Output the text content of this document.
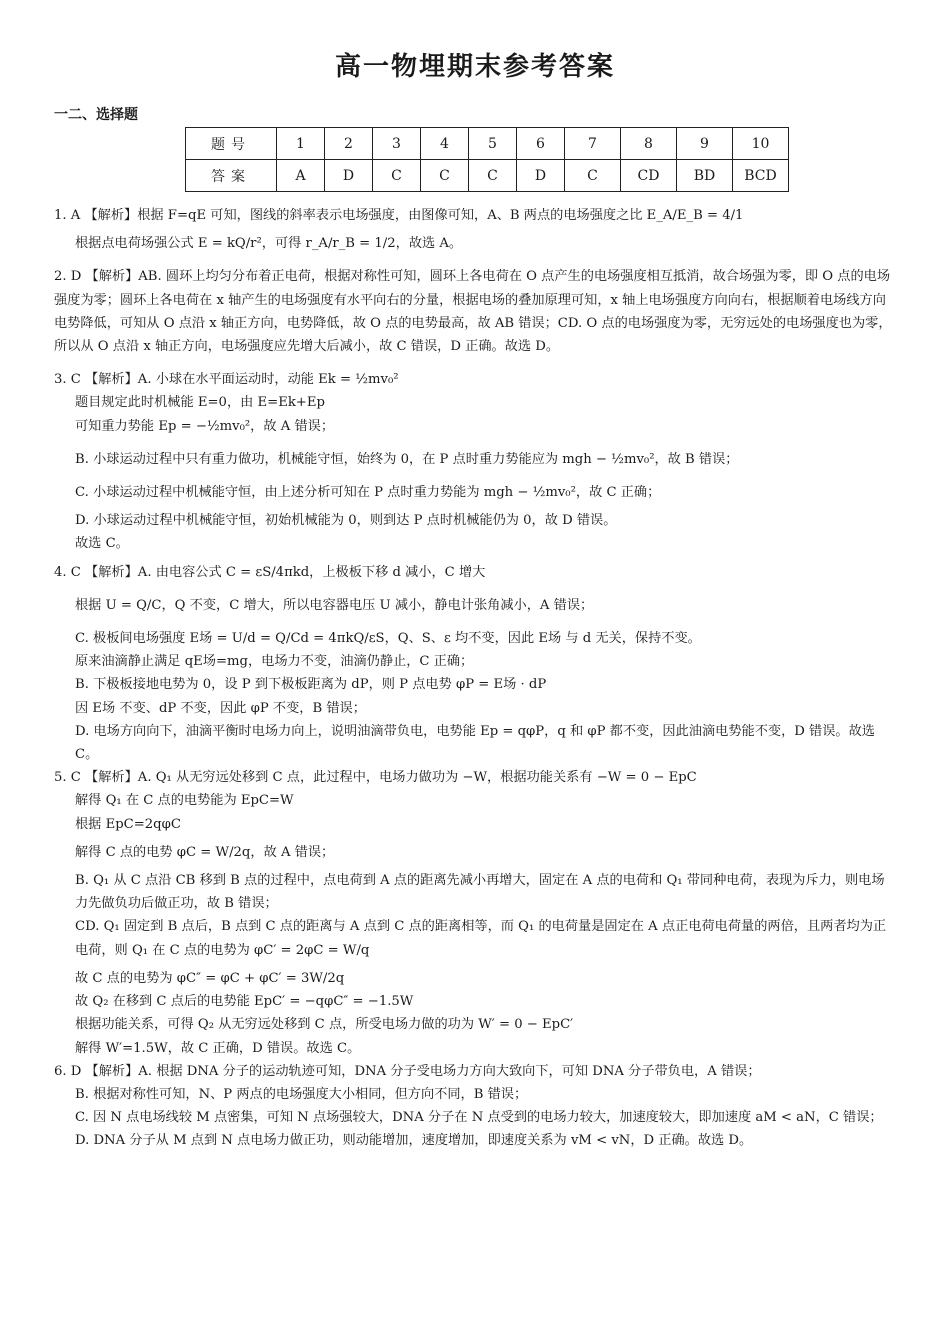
高一物埋期末参考答案
一二、选择题
题号	1	2	3	4	5	6	7	8	9	10
答案	A	D	C	C	C	D	C	CD	BD	BCD

1. A 【解析】根据 F=qE 可知，图线的斜率表示电场强度，由图像可知，A、B 两点的电场强度之比 E_A/E_B = 4/1

根据点电荷场强公式 E = kQ/r²，可得 r_A/r_B = 1/2，故选 A。

2. D 【解析】AB. 圆环上均匀分布着正电荷，根据对称性可知，圆环上各电荷在 O 点产生的电场强度相互抵消，故合场强为零，即 O 点的电场强度为零；圆环上各电荷在 x 轴产生的电场强度有水平向右的分量，根据电场的叠加原理可知，x 轴上电场强度方向向右，根据顺着电场线方向电势降低，可知从 O 点沿 x 轴正方向，电势降低，故 O 点的电势最高，故 AB 错误；CD. O 点的电场强度为零，无穷远处的电场强度也为零，所以从 O 点沿 x 轴正方向，电场强度应先增大后减小，故 C 错误，D 正确。故选 D。

3. C 【解析】A. 小球在水平面运动时，动能 Ek = ½mv₀²

题目规定此时机械能 E=0，由 E=Ek+Ep

可知重力势能 Ep = −½mv₀²，故 A 错误；

B. 小球运动过程中只有重力做功，机械能守恒，始终为 0，在 P 点时重力势能应为 mgh − ½mv₀²，故 B 错误；

C. 小球运动过程中机械能守恒，由上述分析可知在 P 点时重力势能为 mgh − ½mv₀²，故 C 正确；

D. 小球运动过程中机械能守恒，初始机械能为 0，则到达 P 点时机械能仍为 0，故 D 错误。

故选 C。

4. C 【解析】A. 由电容公式 C = εS/4πkd，上极板下移 d 减小，C 增大

根据 U = Q/C，Q 不变，C 增大，所以电容器电压 U 减小，静电计张角减小，A 错误；

C. 极板间电场强度 E场 = U/d = Q/Cd = 4πkQ/εS，Q、S、ε 均不变，因此 E场 与 d 无关，保持不变。

原来油滴静止满足 qE场=mg，电场力不变，油滴仍静止，C 正确；

B. 下极板接地电势为 0，设 P 到下极板距离为 dP，则 P 点电势 φP = E场 · dP

因 E场 不变、dP 不变，因此 φP 不变，B 错误；

D. 电场方向向下，油滴平衡时电场力向上，说明油滴带负电，电势能 Ep = qφP，q 和 φP 都不变，因此油滴电势能不变，D 错误。故选 C。

5. C 【解析】A. Q₁ 从无穷远处移到 C 点，此过程中，电场力做功为 −W，根据功能关系有 −W = 0 − EpC

解得 Q₁ 在 C 点的电势能为 EpC=W

根据 EpC=2qφC

解得 C 点的电势 φC = W/2q，故 A 错误；

B. Q₁ 从 C 点沿 CB 移到 B 点的过程中，点电荷到 A 点的距离先减小再增大，固定在 A 点的电荷和 Q₁ 带同种电荷，表现为斥力，则电场力先做负功后做正功，故 B 错误；

CD. Q₁ 固定到 B 点后，B 点到 C 点的距离与 A 点到 C 点的距离相等，而 Q₁ 的电荷量是固定在 A 点正电荷电荷量的两倍，且两者均为正电荷，则 Q₁ 在 C 点的电势为 φC′ = 2φC = W/q

故 C 点的电势为 φC″ = φC + φC′ = 3W/2q

故 Q₂ 在移到 C 点后的电势能 EpC′ = −qφC″ = −1.5W

根据功能关系，可得 Q₂ 从无穷远处移到 C 点，所受电场力做的功为 W′ = 0 − EpC′

解得 W′=1.5W，故 C 正确，D 错误。故选 C。

6. D 【解析】A. 根据 DNA 分子的运动轨迹可知，DNA 分子受电场力方向大致向下，可知 DNA 分子带负电，A 错误；

B. 根据对称性可知，N、P 两点的电场强度大小相同，但方向不同，B 错误；

C. 因 N 点电场线较 M 点密集，可知 N 点场强较大，DNA 分子在 N 点受到的电场力较大，加速度较大，即加速度 aM < aN，C 错误；

D. DNA 分子从 M 点到 N 点电场力做正功，则动能增加，速度增加，即速度关系为 vM < vN，D 正确。故选 D。
